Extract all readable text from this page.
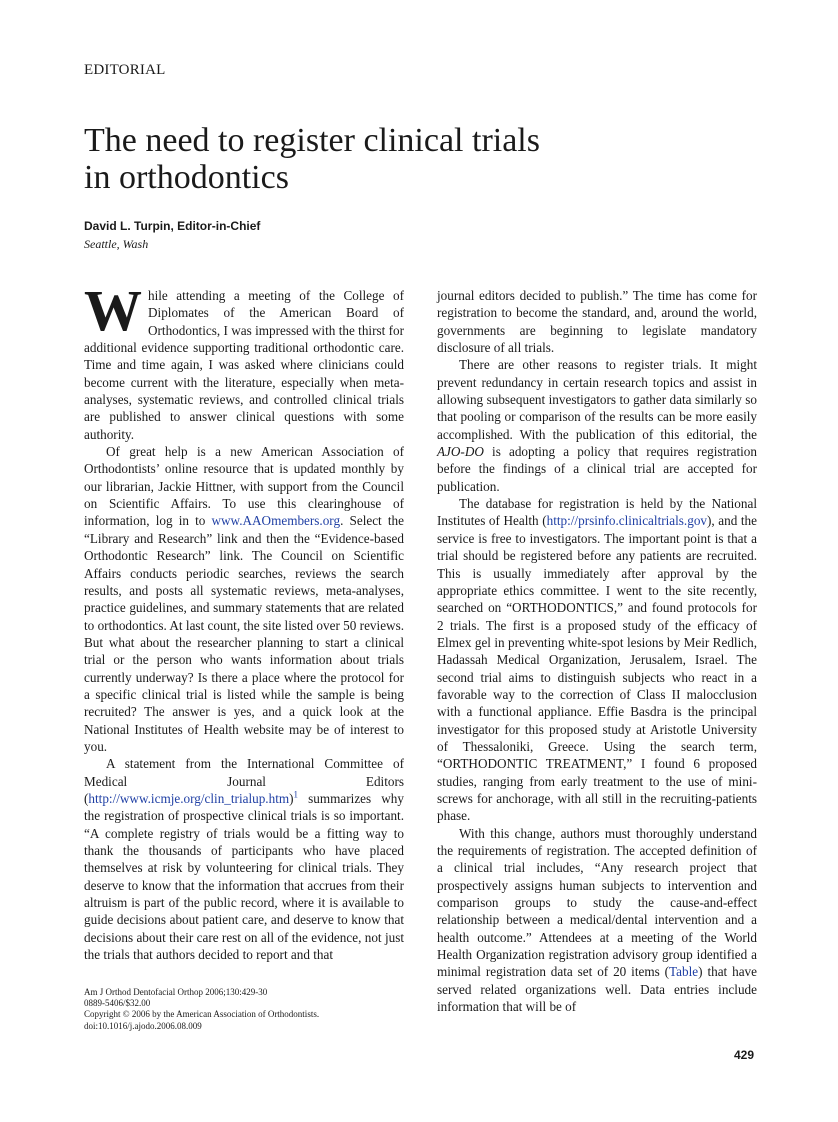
EDITORIAL
The need to register clinical trials
in orthodontics
David L. Turpin, Editor-in-Chief
Seattle, Wash

While attending a meeting of the College of Diplomates of the American Board of Orthodontics, I was impressed with the thirst for additional evidence supporting traditional orthodontic care. Time and time again, I was asked where clinicians could become current with the literature, especially when meta-analyses, systematic reviews, and controlled clinical trials are published to answer clinical questions with some authority.

Of great help is a new American Association of Orthodontists’ online resource that is updated monthly by our librarian, Jackie Hittner, with support from the Council on Scientific Affairs. To use this clearinghouse of information, log in to www.AAOmembers.org. Select the “Library and Research” link and then the “Evidence-based Orthodontic Research” link. The Council on Scientific Affairs conducts periodic searches, reviews the search results, and posts all systematic reviews, meta-analyses, practice guidelines, and summary statements that are related to orthodontics. At last count, the site listed over 50 reviews. But what about the researcher planning to start a clinical trial or the person who wants information about trials currently underway? Is there a place where the protocol for a specific clinical trial is listed while the sample is being recruited? The answer is yes, and a quick look at the National Institutes of Health website may be of interest to you.

A statement from the International Committee of Medical Journal Editors (http://www.icmje.org/clin_trialup.htm)$^1$ summarizes why the registration of prospective clinical trials is so important. “A complete registry of trials would be a fitting way to thank the thousands of participants who have placed themselves at risk by volunteering for clinical trials. They deserve to know that the information that accrues from their altruism is part of the public record, where it is available to guide decisions about patient care, and deserve to know that decisions about their care rest on all of the evidence, not just the trials that authors decided to report and that

journal editors decided to publish.” The time has come for registration to become the standard, and, around the world, governments are beginning to legislate mandatory disclosure of all trials.

There are other reasons to register trials. It might prevent redundancy in certain research topics and assist in allowing subsequent investigators to gather data similarly so that pooling or comparison of the results can be more easily accomplished. With the publication of this editorial, the AJO-DO is adopting a policy that requires registration before the findings of a clinical trial are accepted for publication.

The database for registration is held by the National Institutes of Health (http://prsinfo.clinicaltrials.gov), and the service is free to investigators. The important point is that a trial should be registered before any patients are recruited. This is usually immediately after approval by the appropriate ethics committee. I went to the site recently, searched on “ORTHODONTICS,” and found protocols for 2 trials. The first is a proposed study of the efficacy of Elmex gel in preventing white-spot lesions by Meir Redlich, Hadassah Medical Organization, Jerusalem, Israel. The second trial aims to distinguish subjects who react in a favorable way to the correction of Class II malocclusion with a functional appliance. Effie Basdra is the principal investigator for this proposed study at Aristotle University of Thessaloniki, Greece. Using the search term, “ORTHODONTIC TREATMENT,” I found 6 proposed studies, ranging from early treatment to the use of mini-screws for anchorage, with all still in the recruiting-patients phase.

With this change, authors must thoroughly understand the requirements of registration. The accepted definition of a clinical trial includes, “Any research project that prospectively assigns human subjects to intervention and comparison groups to study the cause-and-effect relationship between a medical/dental intervention and a health outcome.” Attendees at a meeting of the World Health Organization registration advisory group identified a minimal registration data set of 20 items (Table) that have served related organizations well. Data entries include information that will be of

Am J Orthod Dentofacial Orthop 2006;130:429-30
0889-5406/$32.00
Copyright © 2006 by the American Association of Orthodontists.
doi:10.1016/j.ajodo.2006.08.009
429
